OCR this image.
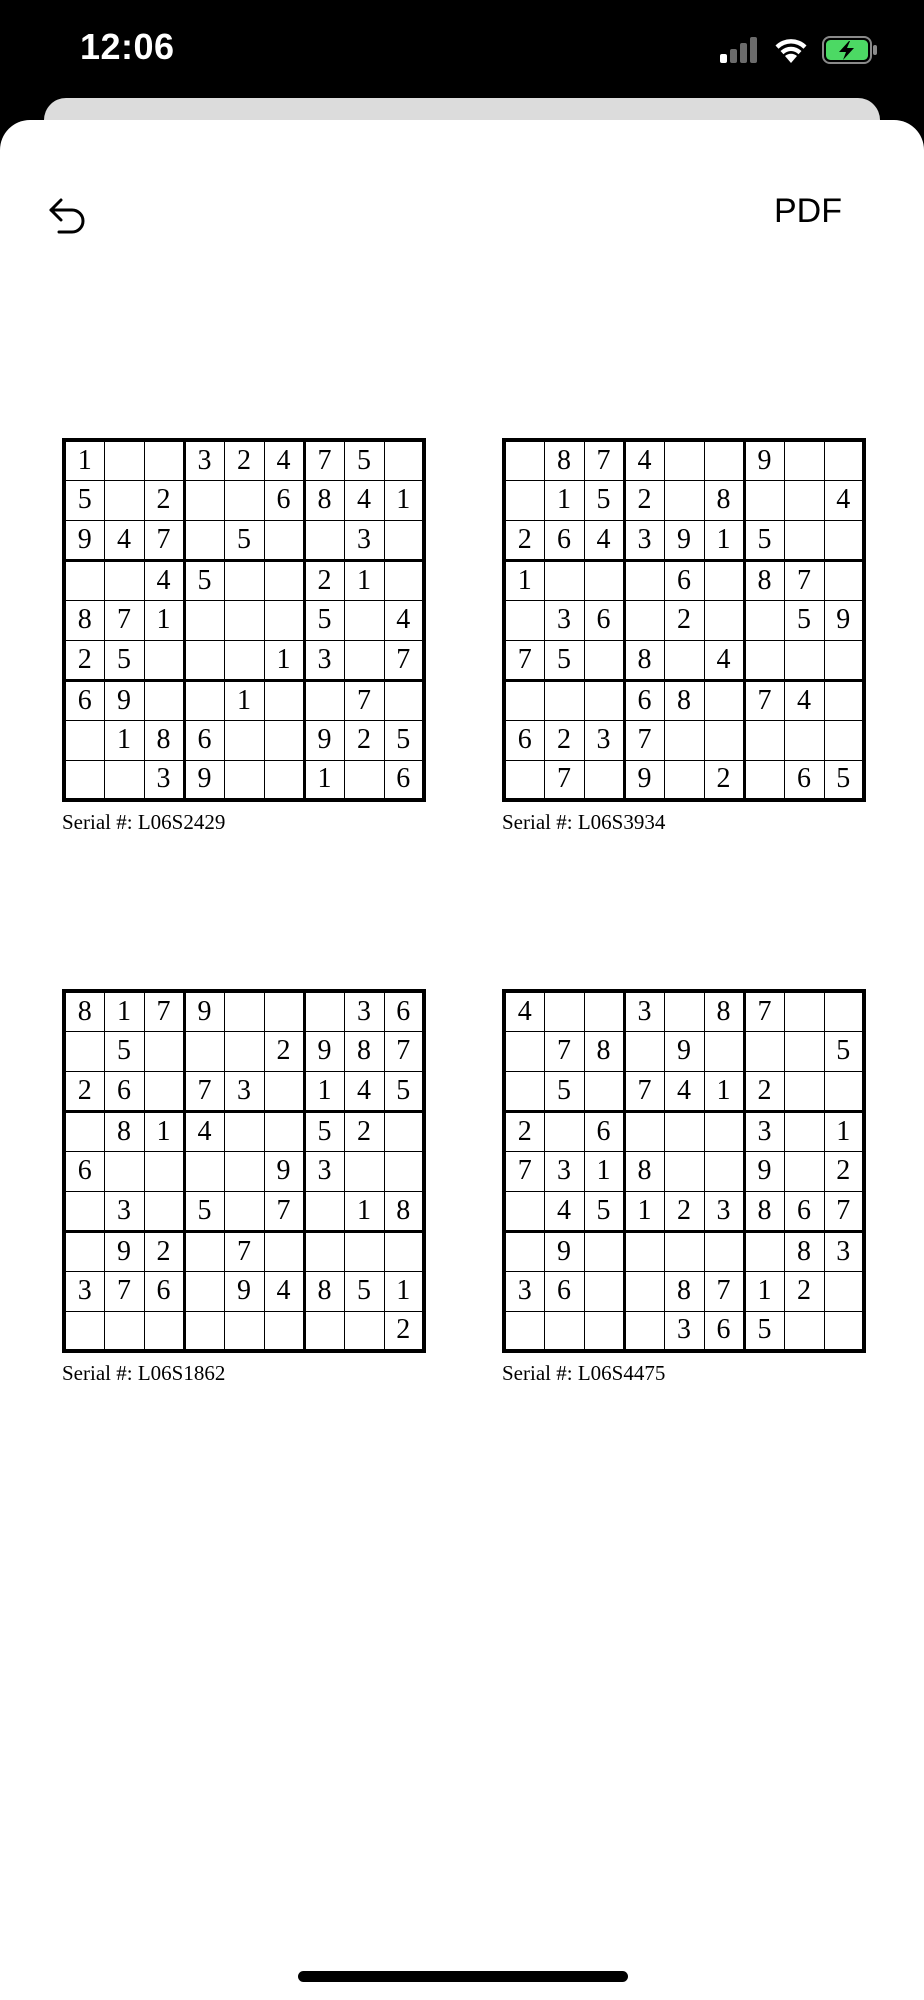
12:06
PDF
1			3	2	4	7	5	
5		2			6	8	4	1
9	4	7		5			3	
		4	5			2	1	
8	7	1				5		4
2	5				1	3		7
6	9			1			7	
	1	8	6			9	2	5
		3	9			1		6
Serial #: L06S2429
	8	7	4			9		
	1	5	2		8			4
2	6	4	3	9	1	5		
1				6		8	7	
	3	6		2			5	9
7	5		8		4			
			6	8		7	4	
6	2	3	7					
	7		9		2		6	5
Serial #: L06S3934
8	1	7	9				3	6
	5				2	9	8	7
2	6		7	3		1	4	5
	8	1	4			5	2	
6					9	3		
	3		5		7		1	8
	9	2		7				
3	7	6		9	4	8	5	1
								2
Serial #: L06S1862
4			3		8	7		
	7	8		9				5
	5		7	4	1	2		
2		6				3		1
7	3	1	8			9		2
	4	5	1	2	3	8	6	7
	9						8	3
3	6			8	7	1	2	
				3	6	5		
Serial #: L06S4475
